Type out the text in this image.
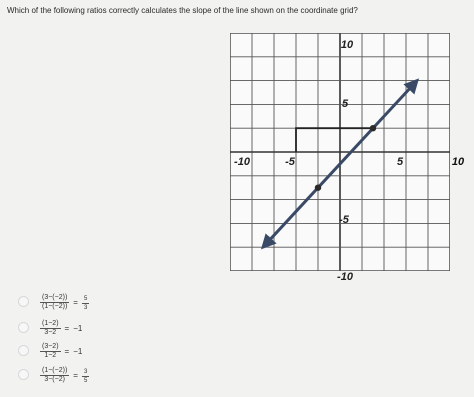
Which of the following ratios correctly calculates the slope of the line shown on the coordinate grid?
10
5
-10	-5	5	10
-5
-10
$\frac{(3-(-2))}{(1-(-2))} = \frac{5}{3}$
$\frac{(1-2)}{3-2} = -1$
$\frac{(3-2)}{1-2} = -1$
$\frac{(1-(-2))}{3-(-2)} = \frac{3}{5}$
